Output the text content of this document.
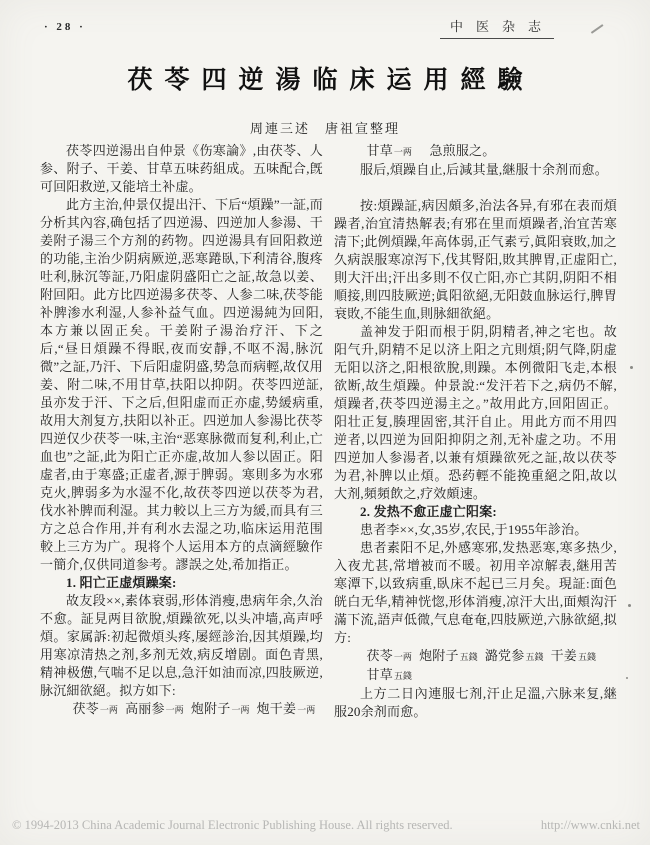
· 28 ·	中医杂志
茯苓四逆湯临床运用經驗
周連三述　唐祖宣整理

茯苓四逆湯出自仲景《伤寒論》,由茯苓、人参、附子、干姜、甘草五味药組成。五味配合,旣可回阳救逆,又能培土补虚。

此方主治,仲景仅提出汗、下后“煩躁”一証,而分析其內容,确包括了四逆湯、四逆加人参湯、干姜附子湯三个方剂的药物。四逆湯具有回阳救逆的功能,主治少阴病厥逆,恶寒踡臥,下利清谷,腹疼吐利,脉沉等証,乃阳虚阴盛阳亡之証,故急以姜、附回阳。此方比四逆湯多茯苓、人参二味,茯苓能补脾渗水利湿,人参补益气血。四逆湯純为回阳,本方兼以固正矣。干姜附子湯治疗汗、下之后,“昼日煩躁不得眠,夜而安靜,不呕不渴,脉沉微”之証,乃汗、下后阳虚阴盛,势急而病輕,故仅用姜、附二味,不用甘草,扶阳以抑阴。茯苓四逆証,虽亦发于汗、下之后,但阳虚而正亦虚,势緩病重,故用大剂复方,扶阳以补正。四逆加人参湯比茯苓四逆仅少茯苓一味,主治“恶寒脉微而复利,利止,亡血也”之証,此为阳亡正亦虚,故加人参以固正。阳虚者,由于寒盛;正虚者,源于脾弱。寒則多为水邪克火,脾弱多为水湿不化,故茯苓四逆以茯苓为君,伐水补脾而利湿。其力較以上三方为緩,而具有三方之总合作用,并有利水去湿之功,临床运用范围較上三方为广。現将个人运用本方的点滴經驗作一簡介,仅供同道参考。謬誤之处,希加指正。

1. 阳亡正虚煩躁案:

故友段××,素体衰弱,形体消瘦,患病年余,久治不愈。証見两目欲脫,煩躁欲死,以头冲墙,高声呼煩。家属訴:初起微煩头疼,屡經診治,因其煩躁,均用寒凉清热之剂,多剂无效,病反增剧。面色青黑,精神极憊,气喘不足以息,急汗如油而凉,四肢厥逆,脉沉細欲絕。拟方如下:

茯苓一两 高丽参一两 炮附子一两 炮干姜一两

甘草一两 急煎服之。

服后,煩躁自止,后減其量,継服十余剂而愈。

按:煩躁証,病因頗多,治法各异,有邪在表而煩躁者,治宜清热解表;有邪在里而煩躁者,治宜苦寒清下;此例煩躁,年高体弱,正气素亏,眞阳衰敗,加之久病誤服寒凉泻下,伐其腎阳,敗其脾胃,正虚阳亡,則大汗出;汗出多則不仅亡阳,亦亡其阴,阴阳不相順接,則四肢厥逆;眞阳欲絕,无阳鼓血脉运行,脾胃衰敗,不能生血,則脉細欲絕。

盖神发于阳而根于阴,阴精者,神之宅也。故阳气升,阴精不足以济上阳之亢則煩;阴气降,阴虚无阳以济之,阳根欲脫,則躁。本例微阳飞走,本根欲断,故生煩躁。仲景說:“发汗若下之,病仍不解,煩躁者,茯苓四逆湯主之。”故用此方,回阳固正。阳壮正复,腠理固密,其汗自止。用此方而不用四逆者,以四逆为回阳抑阴之剂,无补虚之功。不用四逆加人参湯者,以兼有煩躁欲死之証,故以茯苓为君,补脾以止煩。恐药輕不能挽重絕之阳,故以大剂,頻頻飲之,疗效頗速。

2. 发热不愈正虚亡阳案:

患者李××,女,35岁,农民,于1955年診治。

患者素阳不足,外感寒邪,发热恶寒,寒多热少,入夜尤甚,常增被而不暖。初用辛凉解表,継用苦寒潭下,以致病重,臥床不起已三月矣。現証:面色㿠白无华,精神恍惚,形体消瘦,凉汗大出,面頰沟汗滿下流,語声低微,气息奄奄,四肢厥逆,六脉欲絕,拟方:

茯苓一两 炮附子五錢 潞党参五錢 干姜五錢

甘草五錢

上方二日內連服七剂,汗止足溫,六脉来复,継服20余剂而愈。

© 1994-2013 China Academic Journal Electronic Publishing House. All rights reserved.	http://www.cnki.net
